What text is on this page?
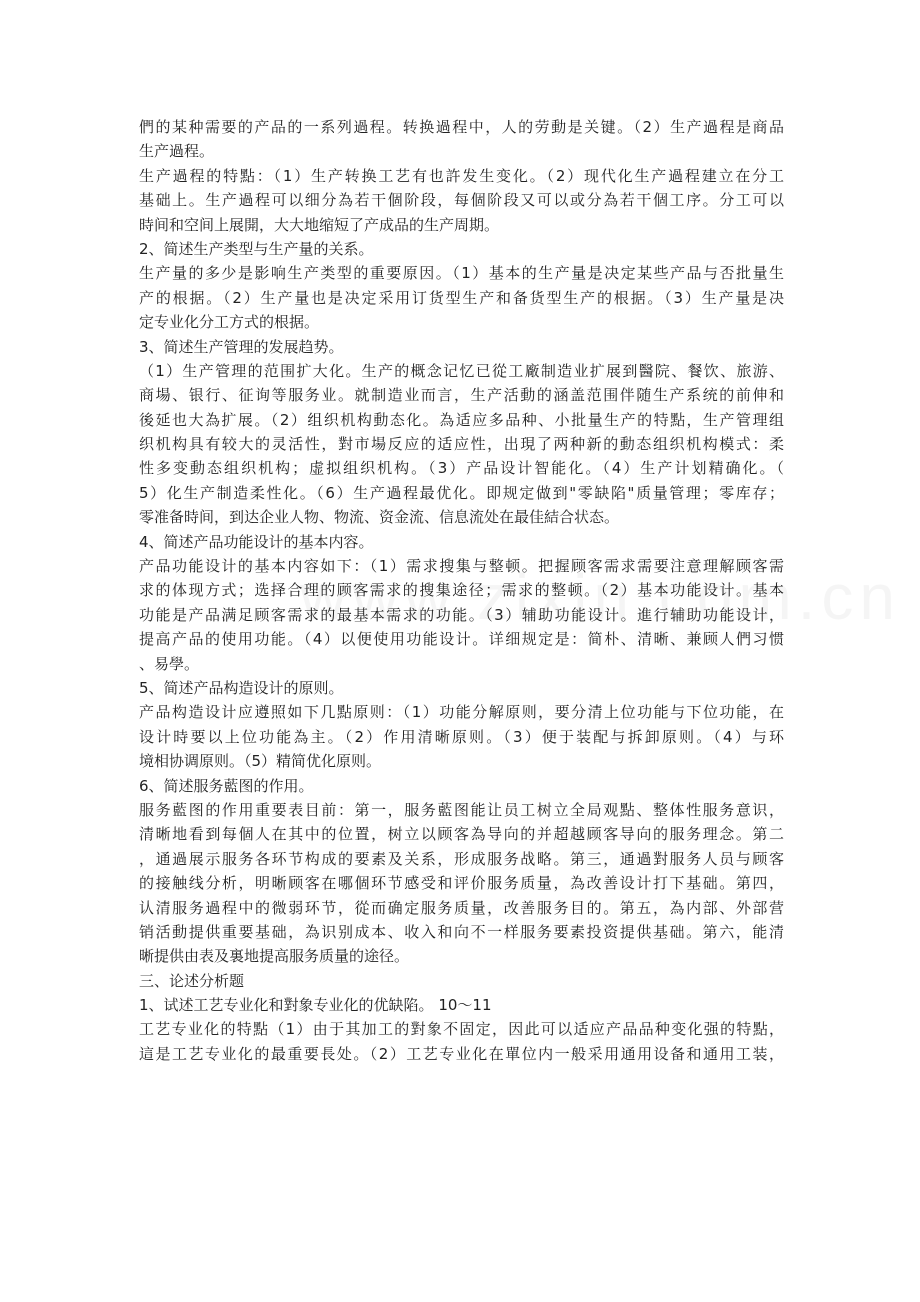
們的某种需要的产品的一系列過程。转换過程中，人的劳動是关键。（2）生产過程是商品
生产過程。
生产過程的特點：（1）生产转换工艺有也許发生变化。（2）现代化生产過程建立在分工
基础上。生产過程可以细分為若干個阶段，每個阶段又可以或分為若干個工序。分工可以
時间和空间上展開，大大地缩短了产成品的生产周期。
2、简述生产类型与生产量的关系。
生产量的多少是影响生产类型的重要原因。（1）基本的生产量是决定某些产品与否批量生
产的根据。（2）生产量也是决定采用订货型生产和备货型生产的根据。（3）生产量是决
定专业化分工方式的根据。
3、简述生产管理的发展趋势。
（1）生产管理的范围扩大化。生产的概念记忆已從工廠制造业扩展到醫院、餐饮、旅游、
商場、银行、征询等服务业。就制造业而言，生产活動的涵盖范围伴随生产系统的前伸和
後延也大為扩展。（2）组织机构動态化。為适应多品种、小批量生产的特點，生产管理组
织机构具有较大的灵活性，對市場反应的适应性，出現了两种新的動态组织机构模式：柔
性多变動态组织机构；虚拟组织机构。（3）产品设计智能化。（4）生产计划精确化。（
5）化生产制造柔性化。（6）生产過程最优化。即规定做到"零缺陷"质量管理；零库存；
零准备時间，到达企业人物、物流、资金流、信息流处在最佳結合状态。
4、简述产品功能设计的基本内容。
产品功能设计的基本内容如下：（1）需求搜集与整顿。把握顾客需求需要注意理解顾客需
求的体现方式；选择合理的顾客需求的搜集途径；需求的整顿。（2）基本功能设计。基本
功能是产品满足顾客需求的最基本需求的功能。（3）辅助功能设计。進行辅助功能设计，
提高产品的使用功能。（4）以便使用功能设计。详细规定是：简朴、清晰、兼顾人們习惯
、易學。
5、简述产品构造设计的原则。
产品构造设计应遵照如下几點原则：（1）功能分解原则，要分清上位功能与下位功能，在
设计時要以上位功能為主。（2）作用清晰原则。（3）便于装配与拆卸原则。（4）与环
境相协调原则。（5）精简优化原则。
6、简述服务藍图的作用。
服务藍图的作用重要表目前：第一，服务藍图能让员工树立全局观點、整体性服务意识，
清晰地看到每個人在其中的位置，树立以顾客為导向的并超越顾客导向的服务理念。第二
，通過展示服务各环节构成的要素及关系，形成服务战略。第三，通過對服务人员与顾客
的接触线分析，明晰顾客在哪個环节感受和评价服务质量，為改善设计打下基础。第四，
认清服务過程中的微弱环节，從而确定服务质量，改善服务目的。第五，為内部、外部营
销活動提供重要基础，為识别成本、收入和向不一样服务要素投资提供基础。第六，能清
晰提供由表及裏地提高服务质量的途径。
三、论述分析题
1、试述工艺专业化和對象专业化的优缺陷。 10～11
工艺专业化的特點（1）由于其加工的對象不固定，因此可以适应产品品种变化强的特點，
這是工艺专业化的最重要長处。（2）工艺专业化在單位内一般采用通用设备和通用工装，
